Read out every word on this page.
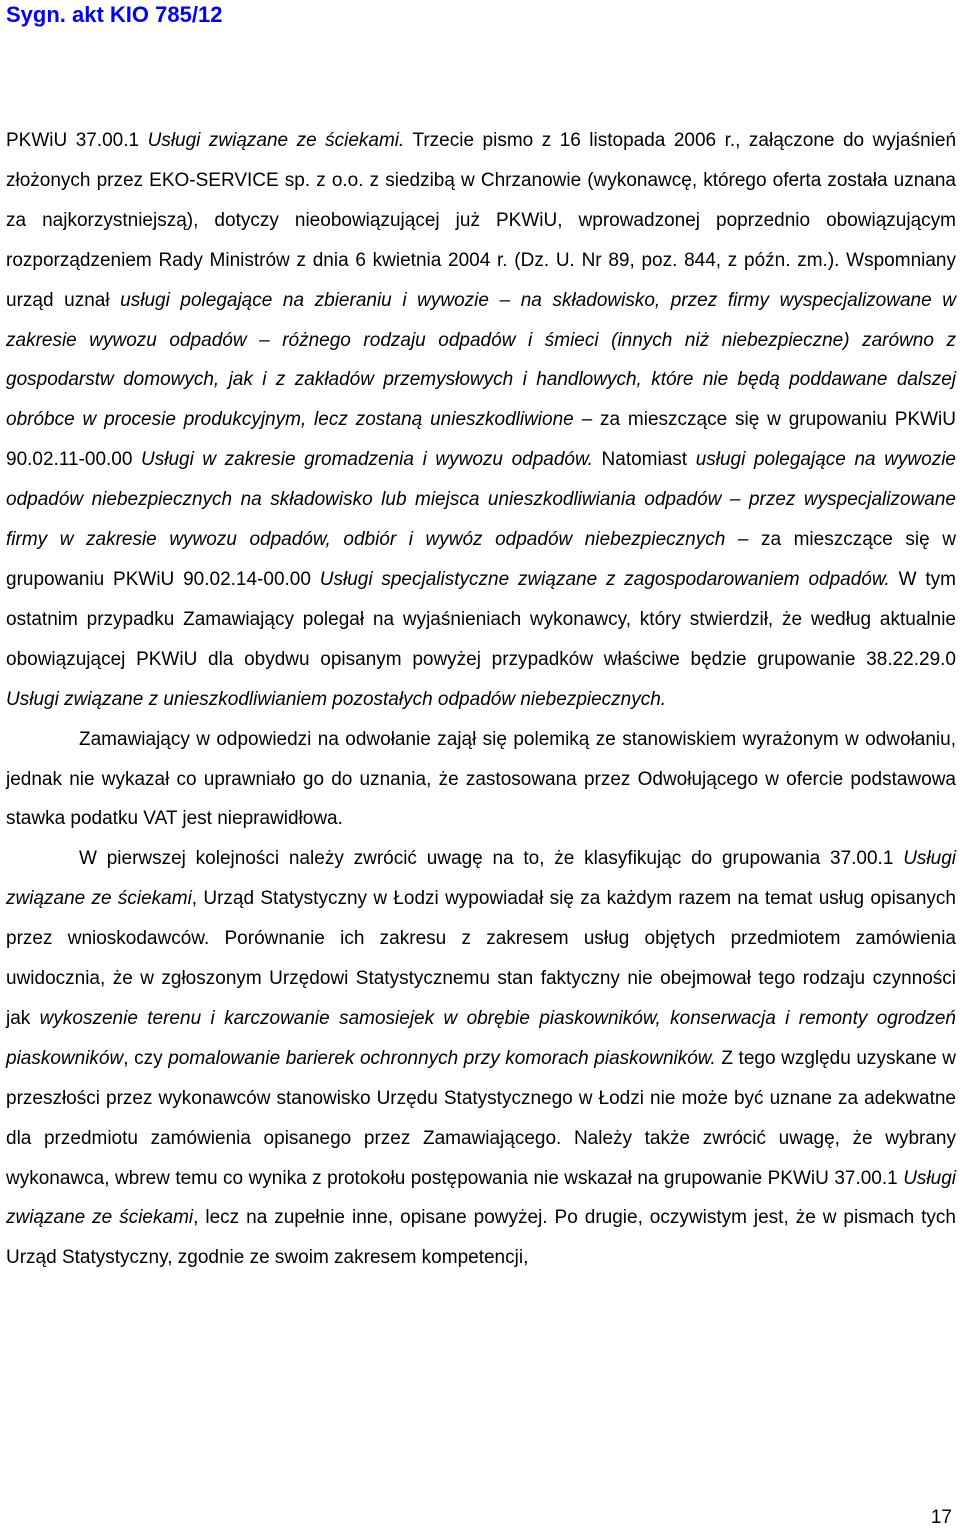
Sygn. akt KIO 785/12

PKWiU 37.00.1 Usługi związane ze ściekami. Trzecie pismo z 16 listopada 2006 r., załączone do wyjaśnień złożonych przez EKO-SERVICE sp. z o.o. z siedzibą w Chrzanowie (wykonawcę, którego oferta została uznana za najkorzystniejszą), dotyczy nieobowiązującej już PKWiU, wprowadzonej poprzednio obowiązującym rozporządzeniem Rady Ministrów z dnia 6 kwietnia 2004 r. (Dz. U. Nr 89, poz. 844, z późn. zm.). Wspomniany urząd uznał usługi polegające na zbieraniu i wywozie – na składowisko, przez firmy wyspecjalizowane w zakresie wywozu odpadów – różnego rodzaju odpadów i śmieci (innych niż niebezpieczne) zarówno z gospodarstw domowych, jak i z zakładów przemysłowych i handlowych, które nie będą poddawane dalszej obróbce w procesie produkcyjnym, lecz zostaną unieszkodliwione – za mieszczące się w grupowaniu PKWiU 90.02.11-00.00 Usługi w zakresie gromadzenia i wywozu odpadów. Natomiast usługi polegające na wywozie odpadów niebezpiecznych na składowisko lub miejsca unieszkodliwiania odpadów – przez wyspecjalizowane firmy w zakresie wywozu odpadów, odbiór i wywóz odpadów niebezpiecznych – za mieszczące się w grupowaniu PKWiU 90.02.14-00.00 Usługi specjalistyczne związane z zagospodarowaniem odpadów. W tym ostatnim przypadku Zamawiający polegał na wyjaśnieniach wykonawcy, który stwierdził, że według aktualnie obowiązującej PKWiU dla obydwu opisanym powyżej przypadków właściwe będzie grupowanie 38.22.29.0 Usługi związane z unieszkodliwianiem pozostałych odpadów niebezpiecznych.

Zamawiający w odpowiedzi na odwołanie zajął się polemiką ze stanowiskiem wyrażonym w odwołaniu, jednak nie wykazał co uprawniało go do uznania, że zastosowana przez Odwołującego w ofercie podstawowa stawka podatku VAT jest nieprawidłowa.

W pierwszej kolejności należy zwrócić uwagę na to, że klasyfikując do grupowania 37.00.1 Usługi związane ze ściekami, Urząd Statystyczny w Łodzi wypowiadał się za każdym razem na temat usług opisanych przez wnioskodawców. Porównanie ich zakresu z zakresem usług objętych przedmiotem zamówienia uwidocznia, że w zgłoszonym Urzędowi Statystycznemu stan faktyczny nie obejmował tego rodzaju czynności jak wykoszenie terenu i karczowanie samosiejek w obrębie piaskowników, konserwacja i remonty ogrodzeń piaskowników, czy pomalowanie barierek ochronnych przy komorach piaskowników. Z tego względu uzyskane w przeszłości przez wykonawców stanowisko Urzędu Statystycznego w Łodzi nie może być uznane za adekwatne dla przedmiotu zamówienia opisanego przez Zamawiającego. Należy także zwrócić uwagę, że wybrany wykonawca, wbrew temu co wynika z protokołu postępowania nie wskazał na grupowanie PKWiU 37.00.1 Usługi związane ze ściekami, lecz na zupełnie inne, opisane powyżej. Po drugie, oczywistym jest, że w pismach tych Urząd Statystyczny, zgodnie ze swoim zakresem kompetencji,

17
